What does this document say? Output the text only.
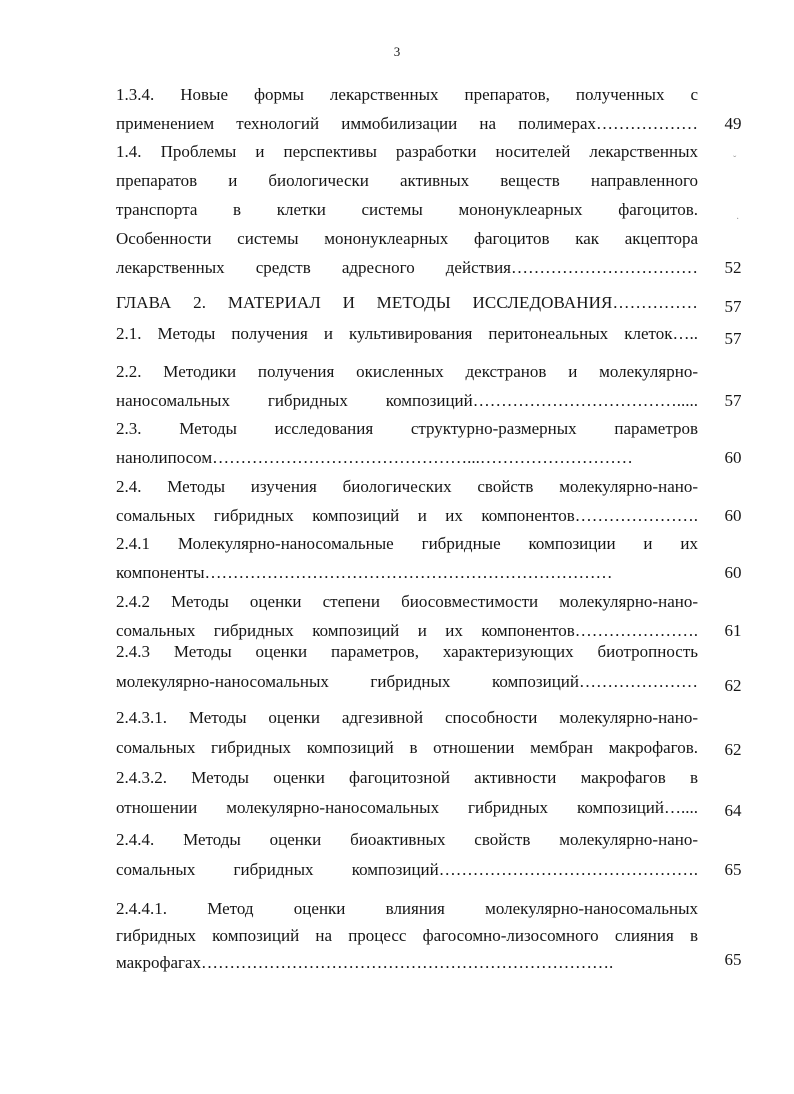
3
1.3.4. Новые формы лекарственных препаратов, полученных с
применением технологий иммобилизации на полимерах………………	49
1.4. Проблемы и перспективы разработки носителей лекарственных
препаратов и биологически активных веществ направленного
транспорта в клетки системы мононуклеарных фагоцитов.
Особенности системы мононуклеарных фагоцитов как акцептора
лекарственных средств адресного действия……………………………	52
ГЛАВА 2. МАТЕРИАЛ И МЕТОДЫ ИССЛЕДОВАНИЯ……………	57
2.1. Методы получения и культивирования перитонеальных клеток…..	57
2.2. Методики получения окисленных декстранов и молекулярно-
наносомальных гибридных композиций……………………………….....	57
2.3. Методы исследования структурно-размерных параметров
нанолипосом………………………………………...………………………	60
2.4. Методы изучения биологических свойств молекулярно-нано-
сомальных гибридных композиций и их компонентов………………….	60
2.4.1 Молекулярно-наносомальные гибридные композиции и их
компоненты………………………………………………………………	60
2.4.2 Методы оценки степени биосовместимости молекулярно-нано-
сомальных гибридных композиций и их компонентов………………….	61
2.4.3 Методы оценки параметров, характеризующих биотропность
молекулярно-наносомальных гибридных композиций…………………	62
2.4.3.1. Методы оценки адгезивной способности молекулярно-нано-
сомальных гибридных композиций в отношении мембран макрофагов.	62
2.4.3.2. Методы оценки фагоцитозной активности макрофагов в
отношении молекулярно-наносомальных гибридных композиций…....	64
2.4.4. Методы оценки биоактивных свойств молекулярно-нано-
сомальных гибридных композиций……………………………………….	65
2.4.4.1. Метод оценки влияния молекулярно-наносомальных
гибридных композиций на процесс фагосомно-лизосомного слияния в
макрофагах……………………………………………………………….	65
ˇ
·
